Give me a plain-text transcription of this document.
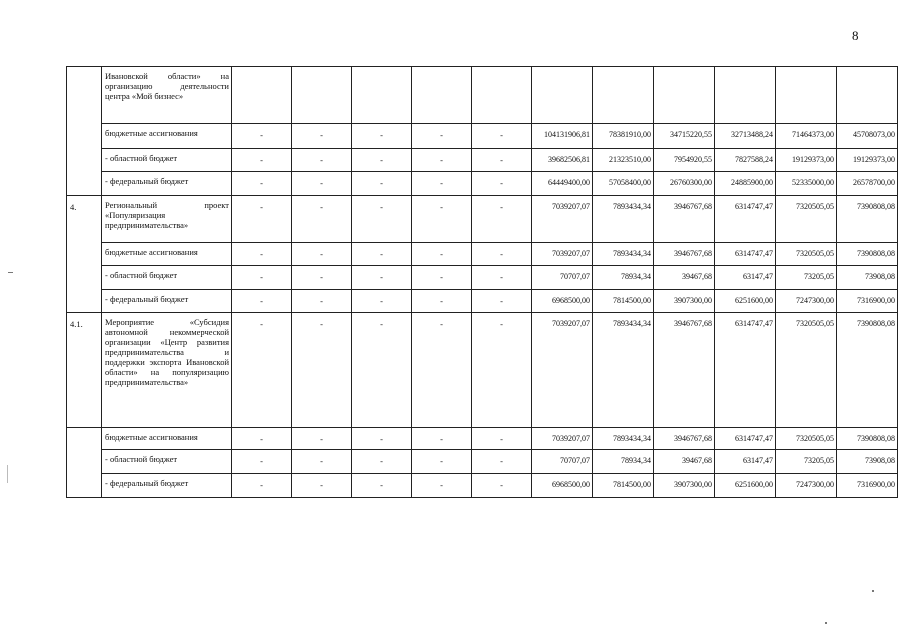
8
	Ивановской области» на организацию деятельности центра «Мой бизнес»											
	бюджетные ассигнования	-	-	-	-	-	104131906,81	78381910,00	34715220,55	32713488,24	71464373,00	45708073,00
	- областной бюджет	-	-	-	-	-	39682506,81	21323510,00	7954920,55	7827588,24	19129373,00	19129373,00
	- федеральный бюджет	-	-	-	-	-	64449400,00	57058400,00	26760300,00	24885900,00	52335000,00	26578700,00
4.	Региональный проект «Популяризация предпринимательства»	-	-	-	-	-	7039207,07	7893434,34	3946767,68	6314747,47	7320505,05	7390808,08
	бюджетные ассигнования	-	-	-	-	-	7039207,07	7893434,34	3946767,68	6314747,47	7320505,05	7390808,08
	- областной бюджет	-	-	-	-	-	70707,07	78934,34	39467,68	63147,47	73205,05	73908,08
	- федеральный бюджет	-	-	-	-	-	6968500,00	7814500,00	3907300,00	6251600,00	7247300,00	7316900,00
4.1.	Мероприятие «Субсидия автономной некоммерческой организации «Центр развития предпринимательства и поддержки экспорта Ивановской области» на популяризацию предпринимательства»	-	-	-	-	-	7039207,07	7893434,34	3946767,68	6314747,47	7320505,05	7390808,08
	бюджетные ассигнования	-	-	-	-	-	7039207,07	7893434,34	3946767,68	6314747,47	7320505,05	7390808,08
	- областной бюджет	-	-	-	-	-	70707,07	78934,34	39467,68	63147,47	73205,05	73908,08
	- федеральный бюджет	-	-	-	-	-	6968500,00	7814500,00	3907300,00	6251600,00	7247300,00	7316900,00
